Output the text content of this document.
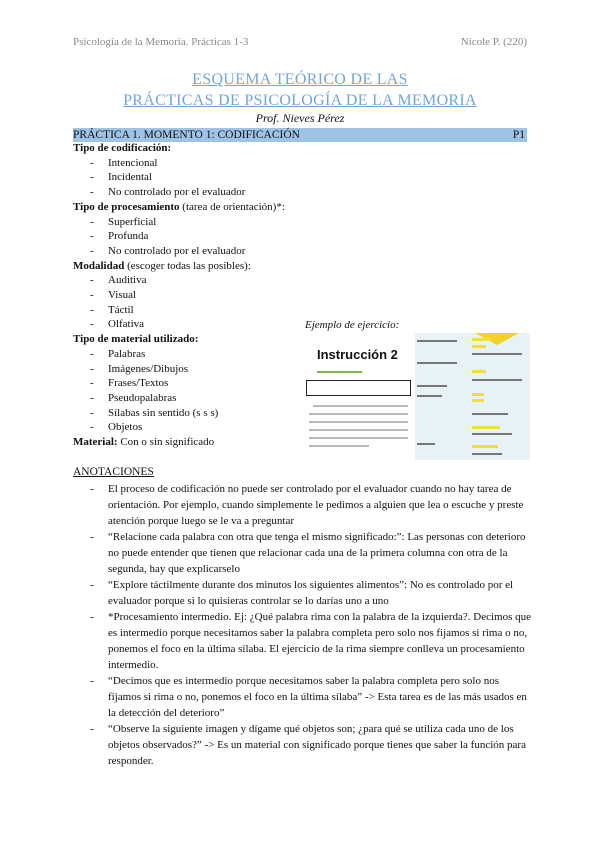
Psicología de la Memoria. Prácticas 1-3	Nicole P. (220)
ESQUEMA TEÓRICO DE LAS
PRÁCTICAS DE PSICOLOGÍA DE LA MEMORIA
Prof. Nieves Pérez
PRÁCTICA 1. MOMENTO 1: CODIFICACIÓN	P1
Tipo de codificación:
- Intencional
- Incidental
- No controlado por el evaluador
Tipo de procesamiento (tarea de orientación)*:
- Superficial
- Profunda
- No controlado por el evaluador
Modalidad (escoger todas las posibles):
- Auditiva
- Visual
- Táctil
- Olfativa
Tipo de material utilizado:
- Palabras
- Imágenes/Dibujos
- Frases/Textos
- Pseudopalabras
- Sílabas sin sentido (s s s)
- Objetos
Material: Con o sin significado
Ejemplo de ejercicio:
Instrucción 2
ANOTACIONES
- El proceso de codificación no puede ser controlado por el evaluador cuando no hay tarea de orientación. Por ejemplo, cuando simplemente le pedimos a alguien que lea o escuche y preste atención porque luego se le va a preguntar
- “Relacione cada palabra con otra que tenga el mismo significado:”: Las personas con deterioro no puede entender que tienen que relacionar cada una de la primera columna con otra de la segunda, hay que explicarselo
- “Explore táctilmente durante dos minutos los siguientes alimentos”: No es controlado por el evaluador porque si lo quisieras controlar se lo darías uno a uno
- *Procesamiento intermedio. Ej: ¿Qué palabra rima con la palabra de la izquierda?. Decimos que es intermedio porque necesitamos saber la palabra completa pero solo nos fijamos si rima o no, ponemos el foco en la última sílaba. El ejercicio de la rima siempre conlleva un procesamiento intermedio.
- “Decimos que es intermedio porque necesitamos saber la palabra completa pero solo nos fijamos si rima o no, ponemos el foco en la última sílaba” -> Esta tarea es de las más usados en la detección del deterioro”
- “Observe la siguiente imagen y dígame qué objetos son; ¿para qué se utiliza cada uno de los objetos observados?” -> Es un material con significado porque tienes que saber la función para responder.
